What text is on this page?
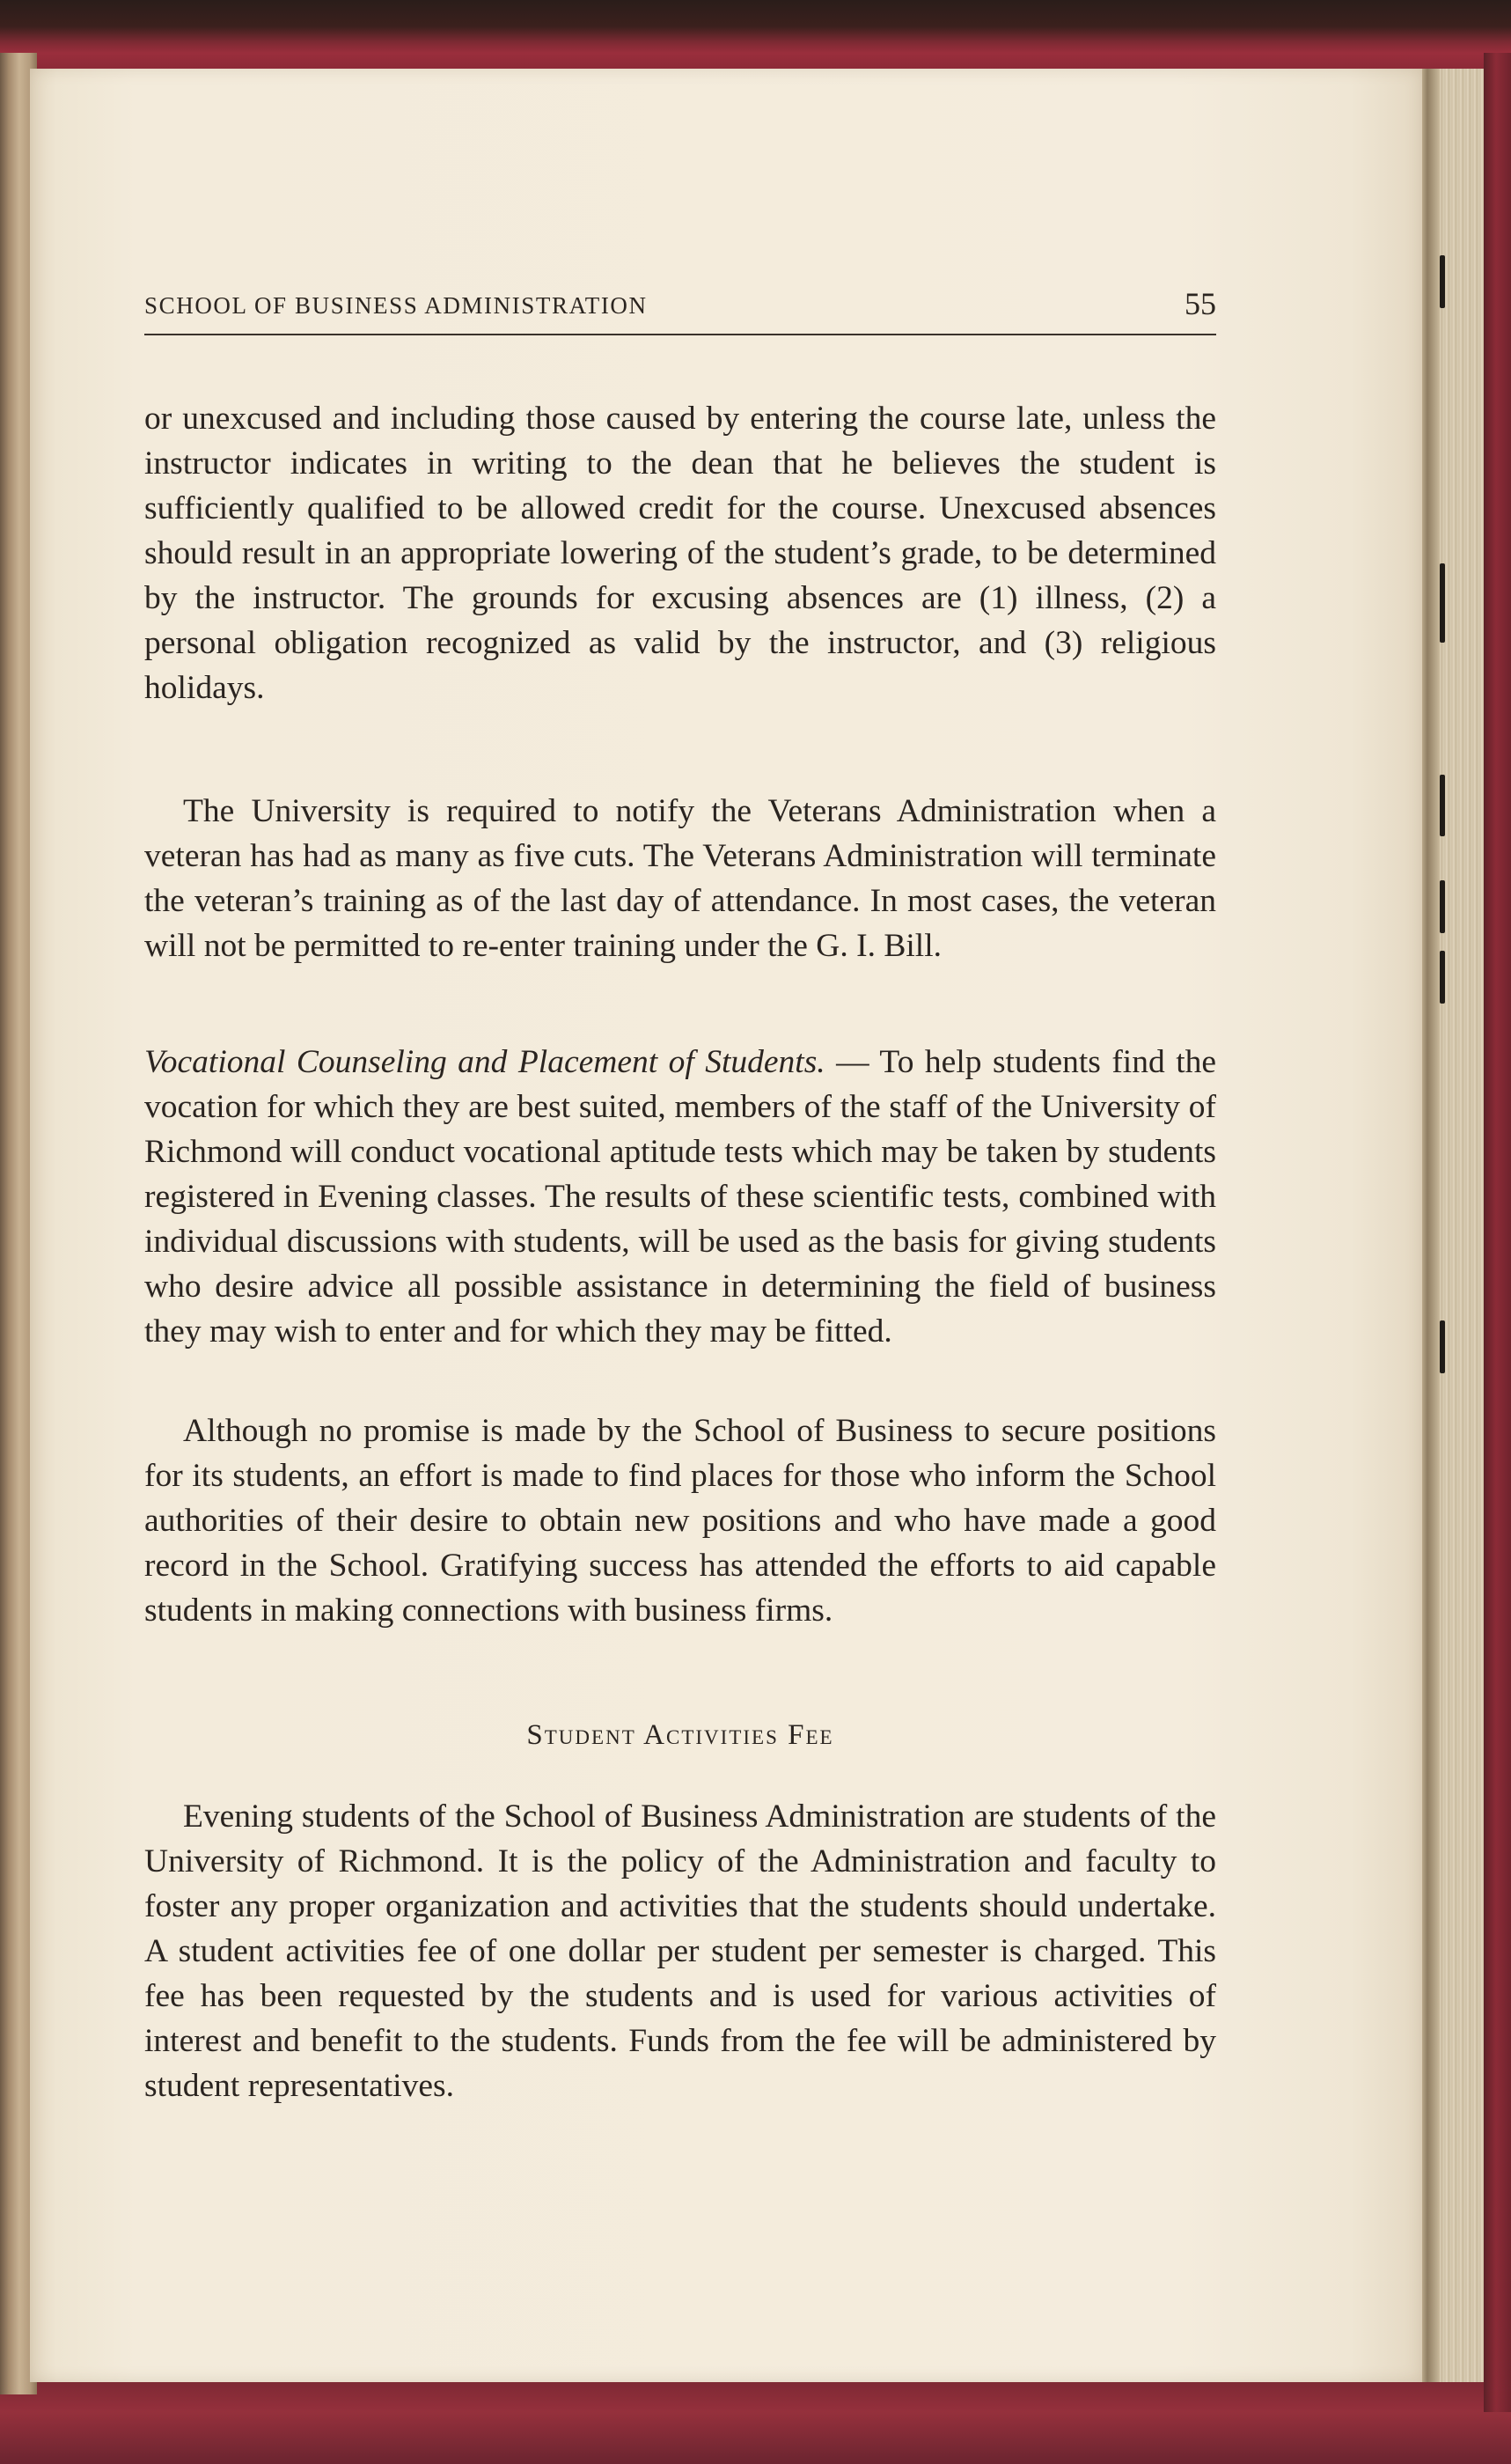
SCHOOL OF BUSINESS ADMINISTRATION	55

or unexcused and including those caused by entering the course late, unless the instructor indicates in writing to the dean that he believes the student is sufficiently qualified to be allowed credit for the course. Unexcused absences should result in an appropriate lowering of the student’s grade, to be determined by the instructor. The grounds for excusing absences are (1) illness, (2) a personal obligation recognized as valid by the instructor, and (3) religious holidays.

The University is required to notify the Veterans Administration when a veteran has had as many as five cuts. The Veterans Administration will terminate the veteran’s training as of the last day of attendance. In most cases, the veteran will not be permitted to re-enter training under the G. I. Bill.

Vocational Counseling and Placement of Students. — To help students find the vocation for which they are best suited, members of the staff of the University of Richmond will conduct vocational aptitude tests which may be taken by students registered in Evening classes. The results of these scientific tests, combined with individual discussions with students, will be used as the basis for giving students who desire advice all possible assistance in determining the field of business they may wish to enter and for which they may be fitted.

Although no promise is made by the School of Business to secure positions for its students, an effort is made to find places for those who inform the School authorities of their desire to obtain new positions and who have made a good record in the School. Gratifying success has attended the efforts to aid capable students in making connections with business firms.

Student Activities Fee

Evening students of the School of Business Administration are students of the University of Richmond. It is the policy of the Administration and faculty to foster any proper organization and activities that the students should undertake. A student activities fee of one dollar per student per semester is charged. This fee has been requested by the students and is used for various activities of interest and benefit to the students. Funds from the fee will be administered by student representatives.
